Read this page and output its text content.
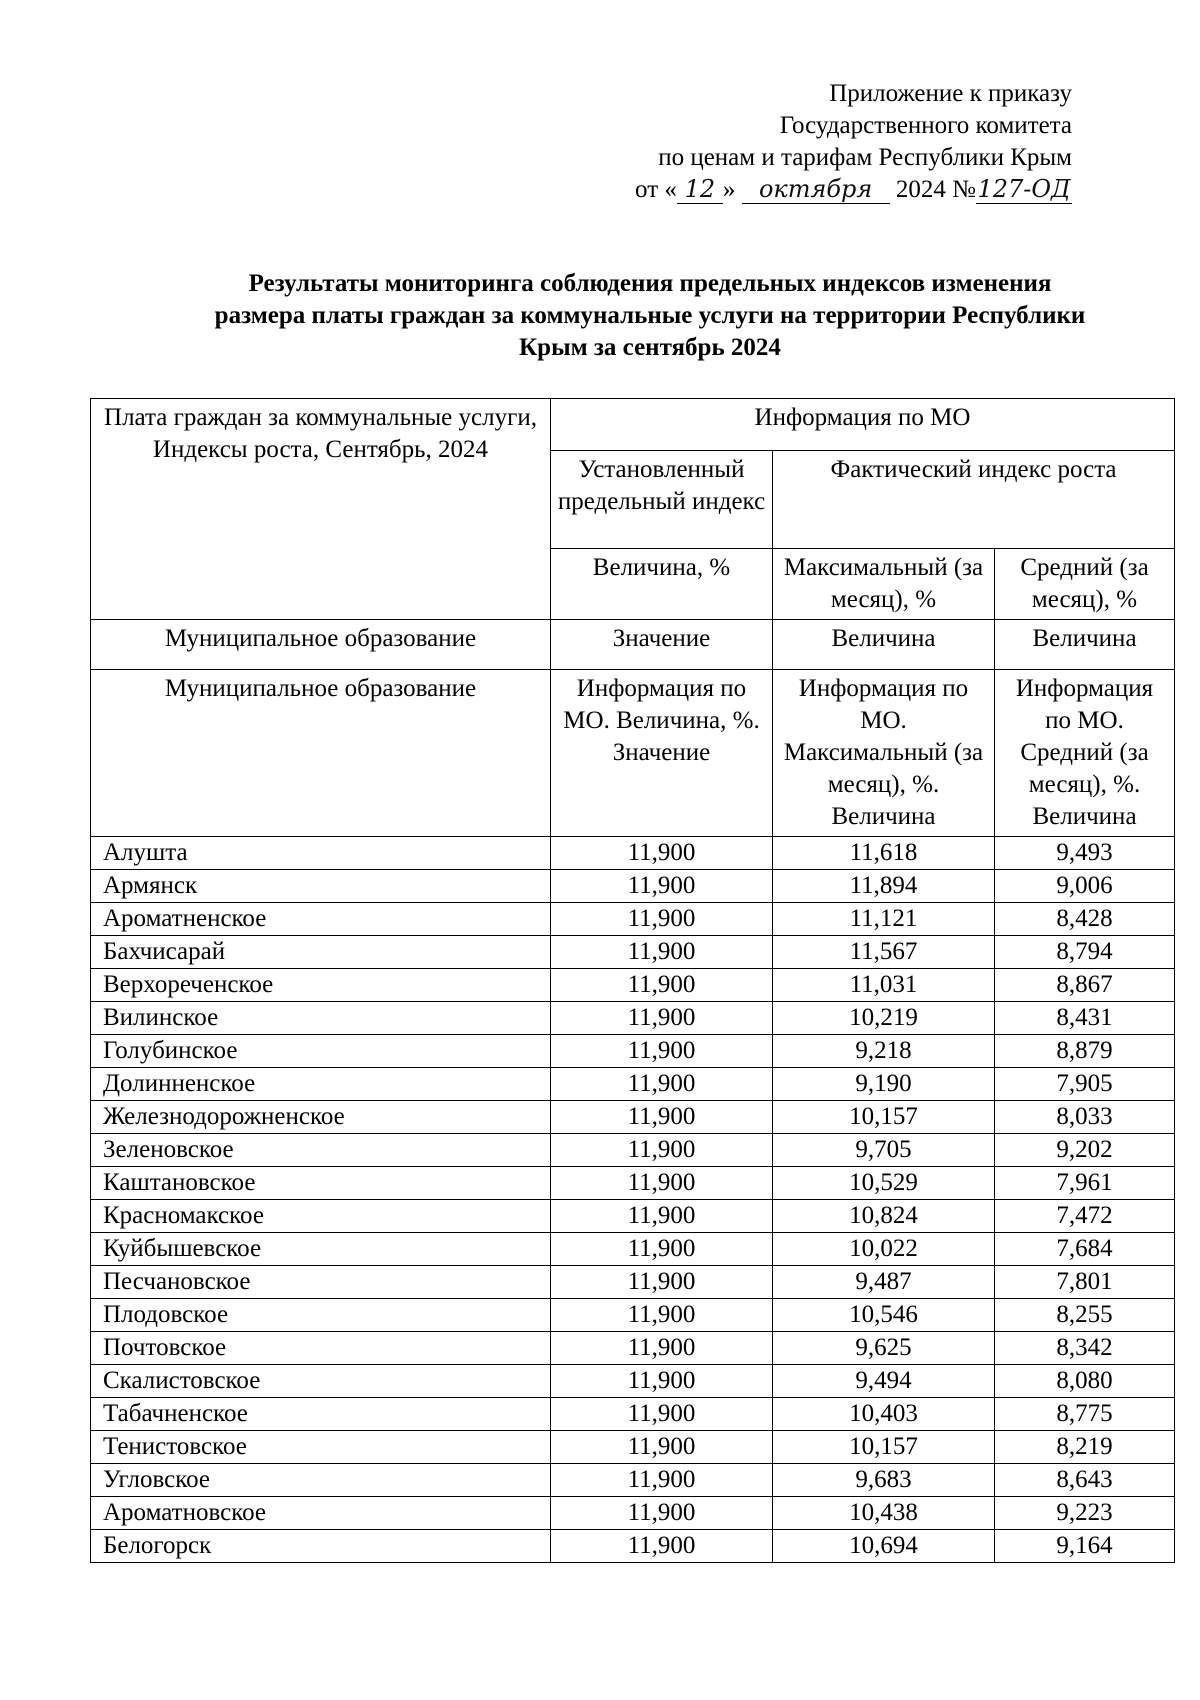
Приложение к приказу
Государственного комитета
по ценам и тарифам Республики Крым
от « 12 » октября 2024 №127-ОД
Результаты мониторинга соблюдения предельных индексов изменения
размера платы граждан за коммунальные услуги на территории Республики
Крым за сентябрь 2024
Плата граждан за коммунальные услуги, Индексы роста, Сентябрь, 2024	Информация по МО		
	Установленный предельный индекс	Фактический индекс роста	
	Величина, %	Максимальный (за месяц), %	Средний (за месяц), %
Муниципальное образование	Значение	Величина	Величина
Муниципальное образование	Информация по МО. Величина, %. Значение	Информация по МО. Максимальный (за месяц), %. Величина	Информация по МО. Средний (за месяц), %. Величина
Алушта	11,900	11,618	9,493
Армянск	11,900	11,894	9,006
Ароматненское	11,900	11,121	8,428
Бахчисарай	11,900	11,567	8,794
Верхореченское	11,900	11,031	8,867
Вилинское	11,900	10,219	8,431
Голубинское	11,900	9,218	8,879
Долинненское	11,900	9,190	7,905
Железнодорожненское	11,900	10,157	8,033
Зеленовское	11,900	9,705	9,202
Каштановское	11,900	10,529	7,961
Красномакское	11,900	10,824	7,472
Куйбышевское	11,900	10,022	7,684
Песчановское	11,900	9,487	7,801
Плодовское	11,900	10,546	8,255
Почтовское	11,900	9,625	8,342
Скалистовское	11,900	9,494	8,080
Табачненское	11,900	10,403	8,775
Тенистовское	11,900	10,157	8,219
Угловское	11,900	9,683	8,643
Ароматновское	11,900	10,438	9,223
Белогорск	11,900	10,694	9,164
